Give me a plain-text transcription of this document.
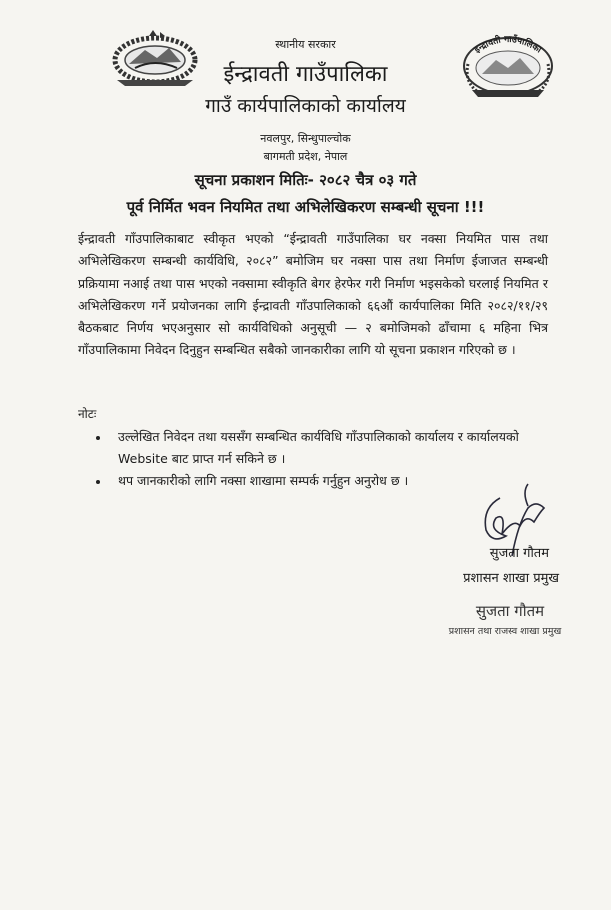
इन्द्रावती गाउँपालिका
स्थानीय सरकार
ईन्द्रावती गाउँपालिका
गाउँ कार्यपालिकाको कार्यालय
नवलपुर, सिन्धुपाल्चोक
बागमती प्रदेश, नेपाल
सूचना प्रकाशन मितिः- २०८२ चैत्र ०३ गते
पूर्व निर्मित भवन नियमित तथा अभिलेखिकरण सम्बन्धी सूचना !!!
ईन्द्रावती गाँउपालिकाबाट स्वीकृत भएको “ईन्द्रावती गाउँपालिका घर नक्सा नियमित पास तथा अभिलेखिकरण सम्बन्धी कार्यविधि, २०८२” बमोजिम घर नक्सा पास तथा निर्माण ईजाजत सम्बन्धी प्रक्रियामा नआई तथा पास भएको नक्सामा स्वीकृति बेगर हेरफेर गरी निर्माण भइसकेको घरलाई नियमित र अभिलेखिकरण गर्ने प्रयोजनका लागि ईन्द्रावती गाँउपालिकाको ६६औं कार्यपालिका मिति २०८२/११/२९ बैठकबाट निर्णय भएअनुसार सो कार्यविधिको अनुसूची — २ बमोजिमको ढाँचामा ६ महिना भित्र गाँउपालिकामा निवेदन दिनुहुन सम्बन्धित सबैको जानकारीका लागि यो सूचना प्रकाशन गरिएको छ ।
नोटः
उल्लेखित निवेदन तथा यससँग सम्बन्धित कार्यविधि गाँउपालिकाको कार्यालय र कार्यालयको Website बाट प्राप्त गर्न सकिने छ ।
थप जानकारीको लागि नक्सा शाखामा सम्पर्क गर्नुहुन अनुरोध छ ।
सुजता गौतम
प्रशासन शाखा प्रमुख
सुजता गौतम
प्रशासन तथा राजस्व शाखा प्रमुख
